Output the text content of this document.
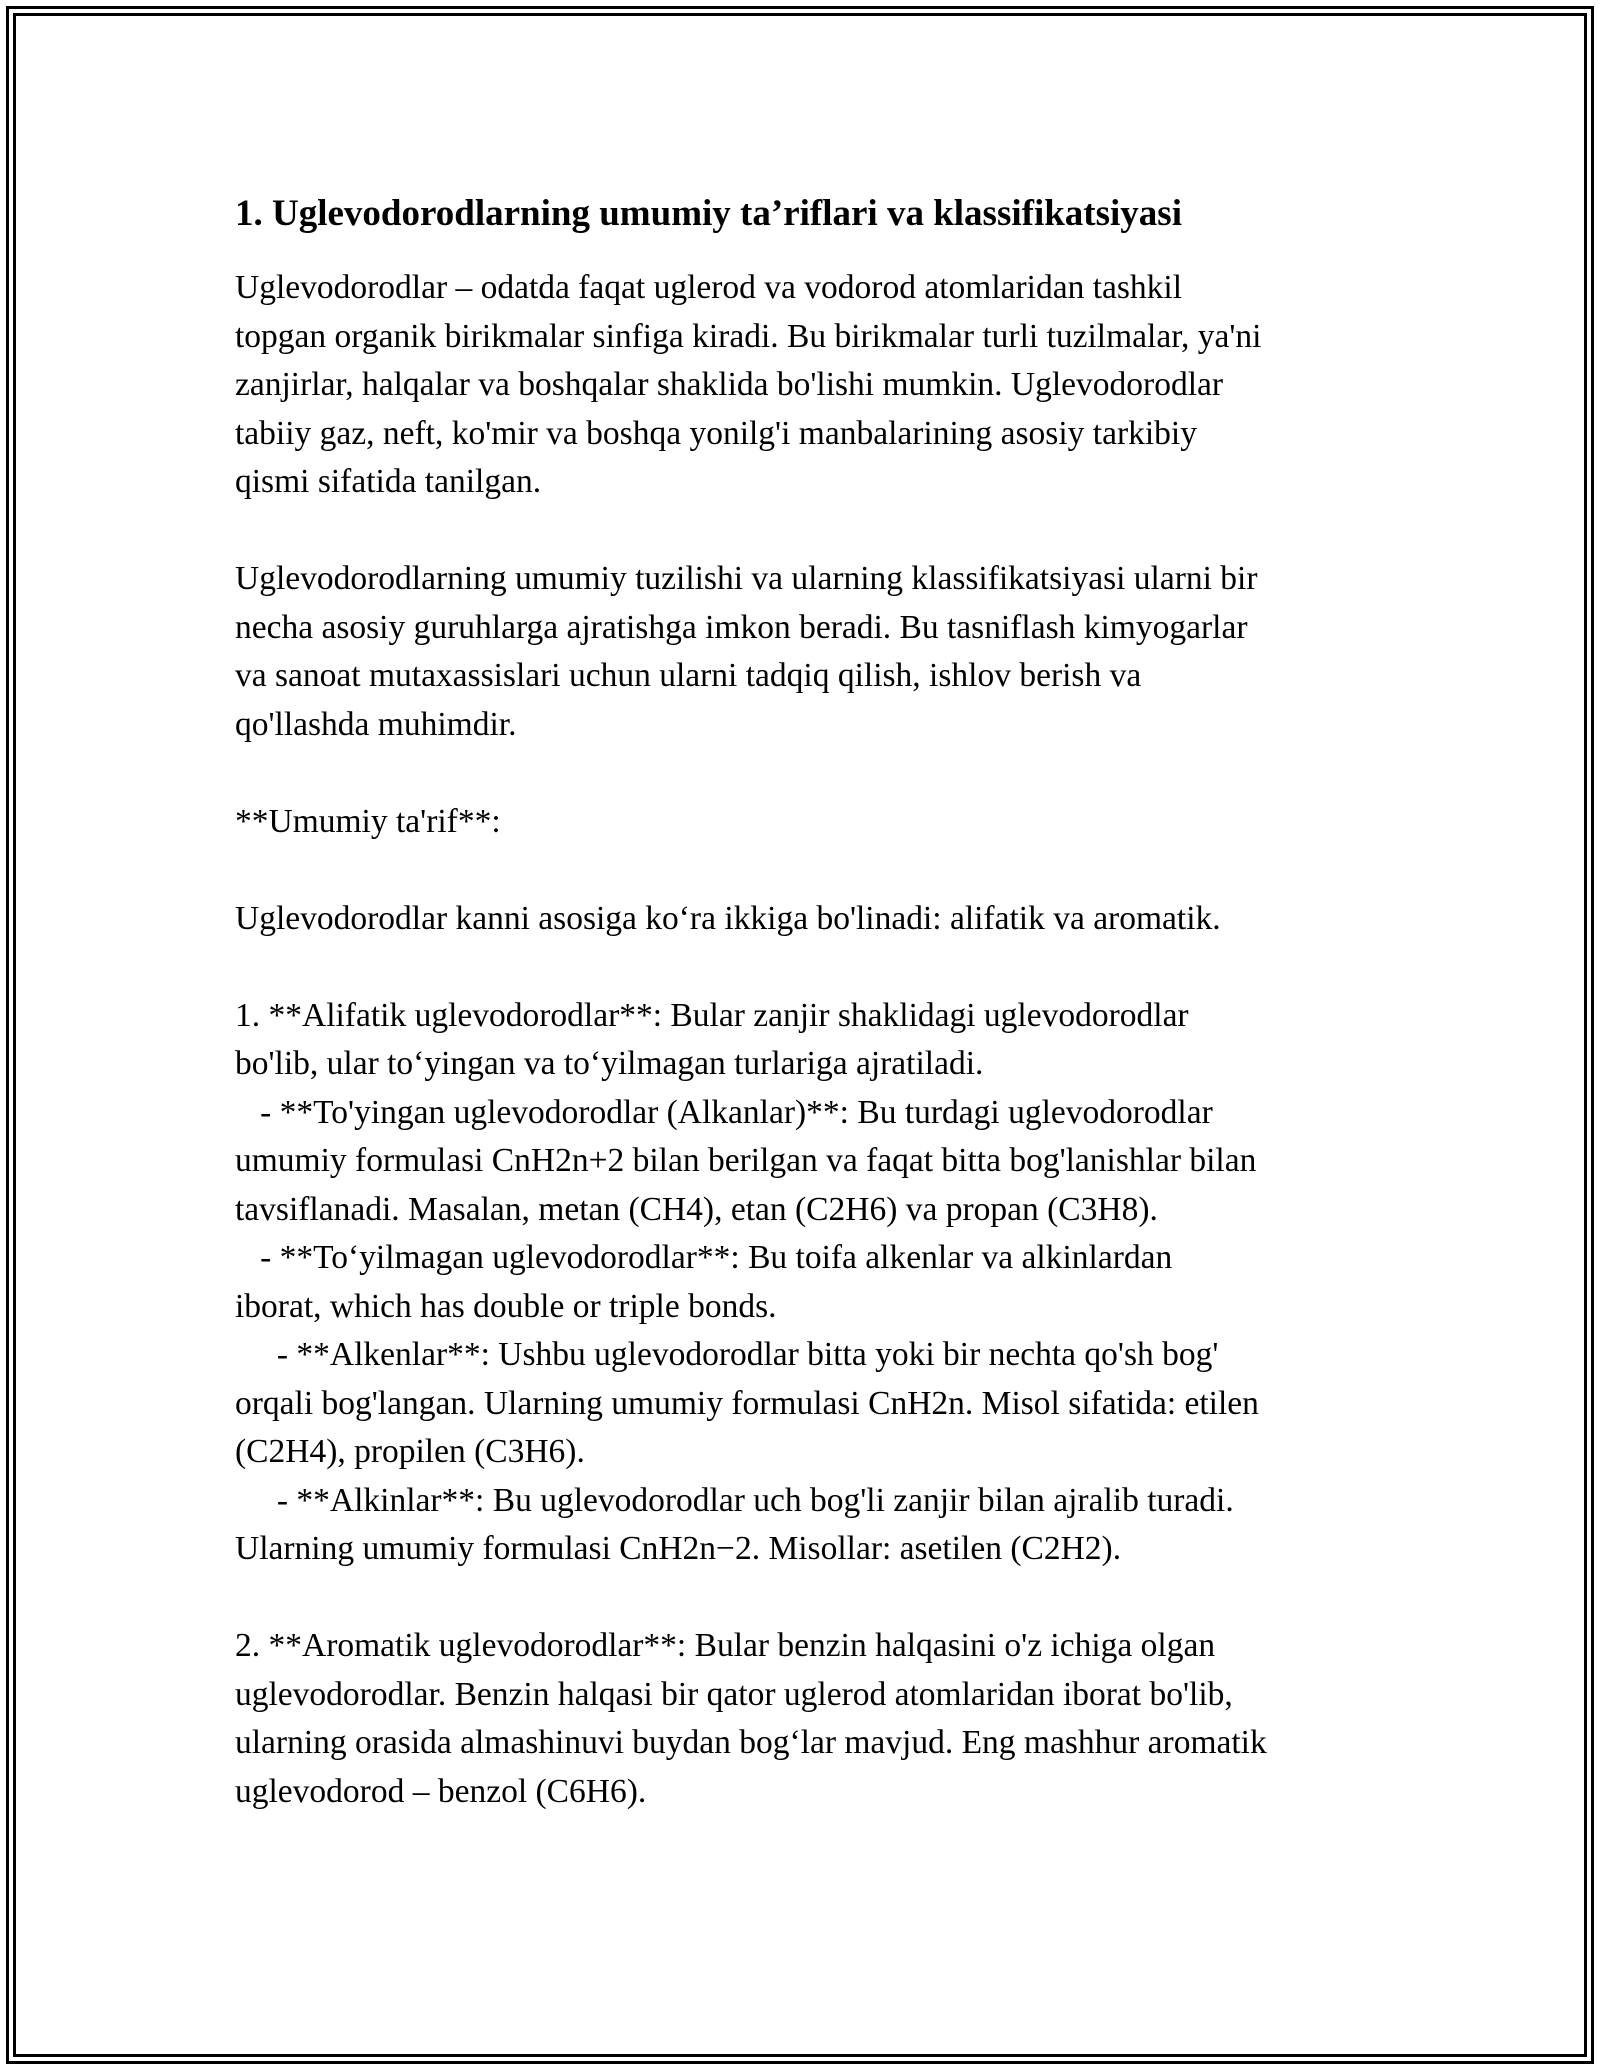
1. Uglevodorodlarning umumiy ta’riflari va klassifikatsiyasi

Uglevodorodlar – odatda faqat uglerod va vodorod atomlaridan tashkil
topgan organik birikmalar sinfiga kiradi. Bu birikmalar turli tuzilmalar, ya'ni
zanjirlar, halqalar va boshqalar shaklida bo'lishi mumkin. Uglevodorodlar
tabiiy gaz, neft, ko'mir va boshqa yonilg'i manbalarining asosiy tarkibiy
qismi sifatida tanilgan.

Uglevodorodlarning umumiy tuzilishi va ularning klassifikatsiyasi ularni bir
necha asosiy guruhlarga ajratishga imkon beradi. Bu tasniflash kimyogarlar
va sanoat mutaxassislari uchun ularni tadqiq qilish, ishlov berish va
qo'llashda muhimdir.

**Umumiy ta'rif**:

Uglevodorodlar kanni asosiga ko‘ra ikkiga bo'linadi: alifatik va aromatik.

1. **Alifatik uglevodorodlar**: Bular zanjir shaklidagi uglevodorodlar
bo'lib, ular to‘yingan va to‘yilmagan turlariga ajratiladi.
- **To'yingan uglevodorodlar (Alkanlar)**: Bu turdagi uglevodorodlar
umumiy formulasi CnH2n+2 bilan berilgan va faqat bitta bog'lanishlar bilan
tavsiflanadi. Masalan, metan (CH4), etan (C2H6) va propan (C3H8).
- **To‘yilmagan uglevodorodlar**: Bu toifa alkenlar va alkinlardan
iborat, which has double or triple bonds.
- **Alkenlar**: Ushbu uglevodorodlar bitta yoki bir nechta qo'sh bog'
orqali bog'langan. Ularning umumiy formulasi CnH2n. Misol sifatida: etilen
(C2H4), propilen (C3H6).
- **Alkinlar**: Bu uglevodorodlar uch bog'li zanjir bilan ajralib turadi.
Ularning umumiy formulasi CnH2n−2. Misollar: asetilen (C2H2).

2. **Aromatik uglevodorodlar**: Bular benzin halqasini o'z ichiga olgan
uglevodorodlar. Benzin halqasi bir qator uglerod atomlaridan iborat bo'lib,
ularning orasida almashinuvi buydan bog‘lar mavjud. Eng mashhur aromatik
uglevodorod – benzol (C6H6).
